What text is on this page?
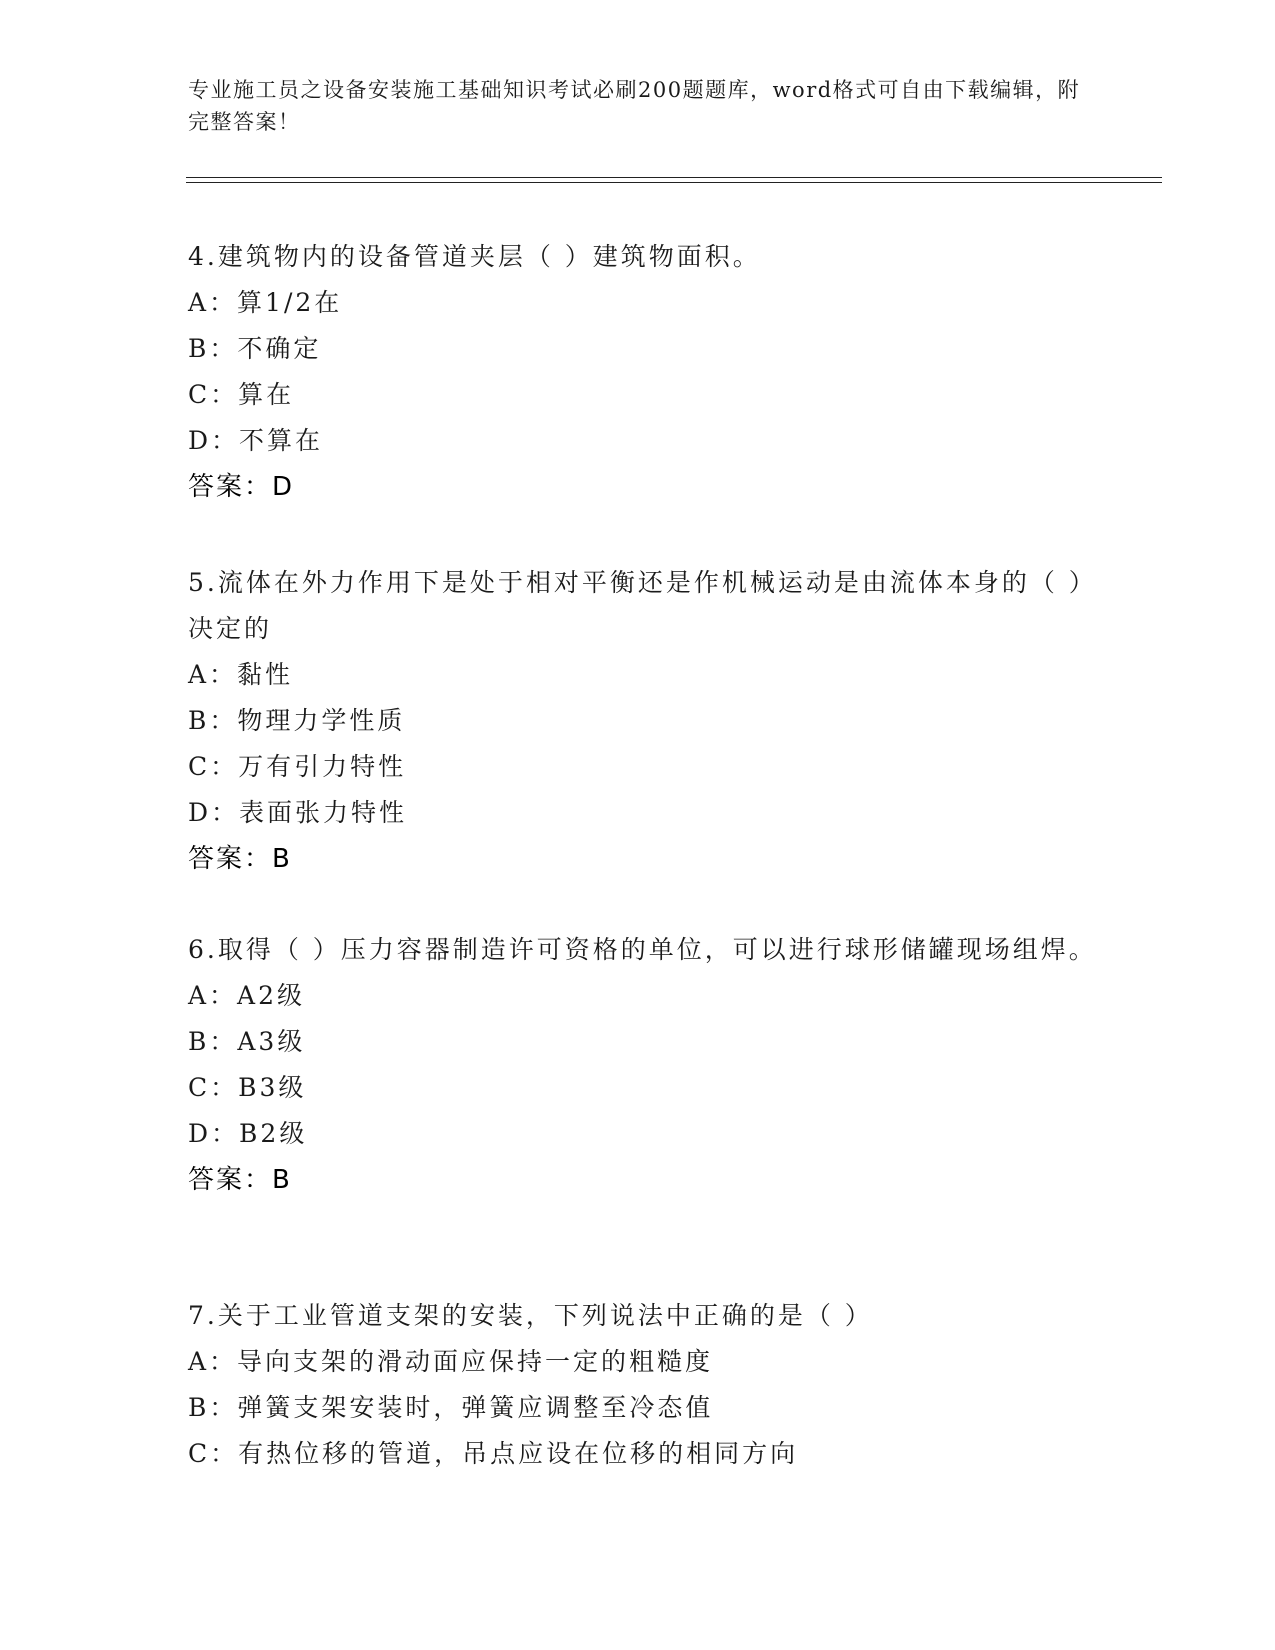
专业施工员之设备安装施工基础知识考试必刷200题题库，word格式可自由下载编辑，附完整答案！

4.建筑物内的设备管道夹层（ ）建筑物面积。

A：算1/2在

B：不确定

C：算在

D：不算在

答案：D

5.流体在外力作用下是处于相对平衡还是作机械运动是由流体本身的（ ）决定的

A：黏性

B：物理力学性质

C：万有引力特性

D：表面张力特性

答案：B

6.取得（ ）压力容器制造许可资格的单位，可以进行球形储罐现场组焊。

A：A2级

B：A3级

C：B3级

D：B2级

答案：B

7.关于工业管道支架的安装，下列说法中正确的是（ ）

A：导向支架的滑动面应保持一定的粗糙度

B：弹簧支架安装时，弹簧应调整至冷态值

C：有热位移的管道，吊点应设在位移的相同方向
